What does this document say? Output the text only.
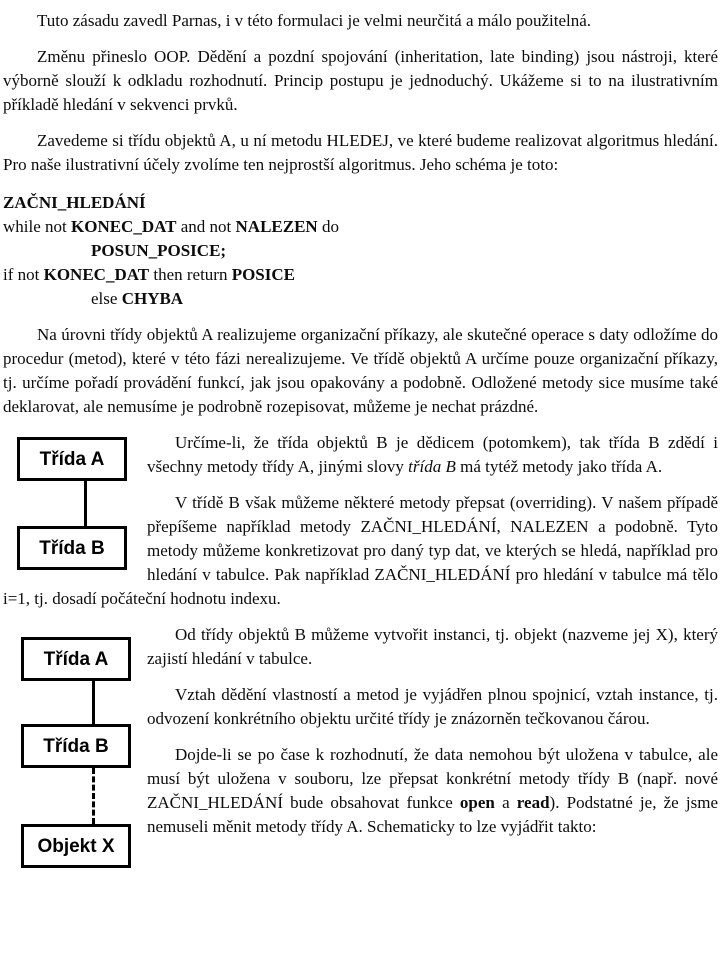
Tuto zásadu zavedl Parnas, i v této formulaci je velmi neurčitá a málo použitelná.

Změnu přineslo OOP. Dědění a pozdní spojování (inheritation, late binding) jsou nástroji, které výborně slouží k odkladu rozhodnutí. Princip postupu je jednoduchý. Ukážeme si to na ilustrativním příkladě hledání v sekvenci prvků.

Zavedeme si třídu objektů A, u ní metodu HLEDEJ, ve které budeme realizovat algoritmus hledání. Pro naše ilustrativní účely zvolíme ten nejprostší algoritmus. Jeho schéma je toto:

ZAČNI_HLEDÁNÍ
while not KONEC_DAT and not NALEZEN do
POSUN_POSICE;
if not KONEC_DAT then return POSICE
else CHYBA

Na úrovni třídy objektů A realizujeme organizační příkazy, ale skutečné operace s daty odložíme do procedur (metod), které v této fázi nerealizujeme. Ve třídě objektů A určíme pouze organizační příkazy, tj. určíme pořadí provádění funkcí, jak jsou opakovány a podobně. Odložené metody sice musíme také deklarovat, ale nemusíme je podrobně rozepisovat, můžeme je nechat prázdné.

Třída A
Třída B

Určíme-li, že třída objektů B je dědicem (potomkem), tak třída B zdědí i všechny metody třídy A, jinými slovy třída B má tytéž metody jako třída A.

V třídě B však můžeme některé metody přepsat (overriding). V našem případě přepíšeme například metody ZAČNI_HLEDÁNÍ, NALEZEN a podobně. Tyto metody můžeme konkretizovat pro daný typ dat, ve kterých se hledá, například pro hledání v tabulce. Pak například ZAČNI_HLEDÁNÍ pro hledání v tabulce má tělo i=1, tj. dosadí počáteční hodnotu indexu.

Třída A
Třída B
Objekt X

Od třídy objektů B můžeme vytvořit instanci, tj. objekt (nazveme jej X), který zajistí hledání v tabulce.

Vztah dědění vlastností a metod je vyjádřen plnou spojnicí, vztah instance, tj. odvození konkrétního objektu určité třídy je znázorněn tečkovanou čárou.

Dojde-li se po čase k rozhodnutí, že data nemohou být uložena v tabulce, ale musí být uložena v souboru, lze přepsat konkrétní metody třídy B (např. nové ZAČNI_HLEDÁNÍ bude obsahovat funkce open a read). Podstatné je, že jsme nemuseli měnit metody třídy A. Schematicky to lze vyjádřit takto:
